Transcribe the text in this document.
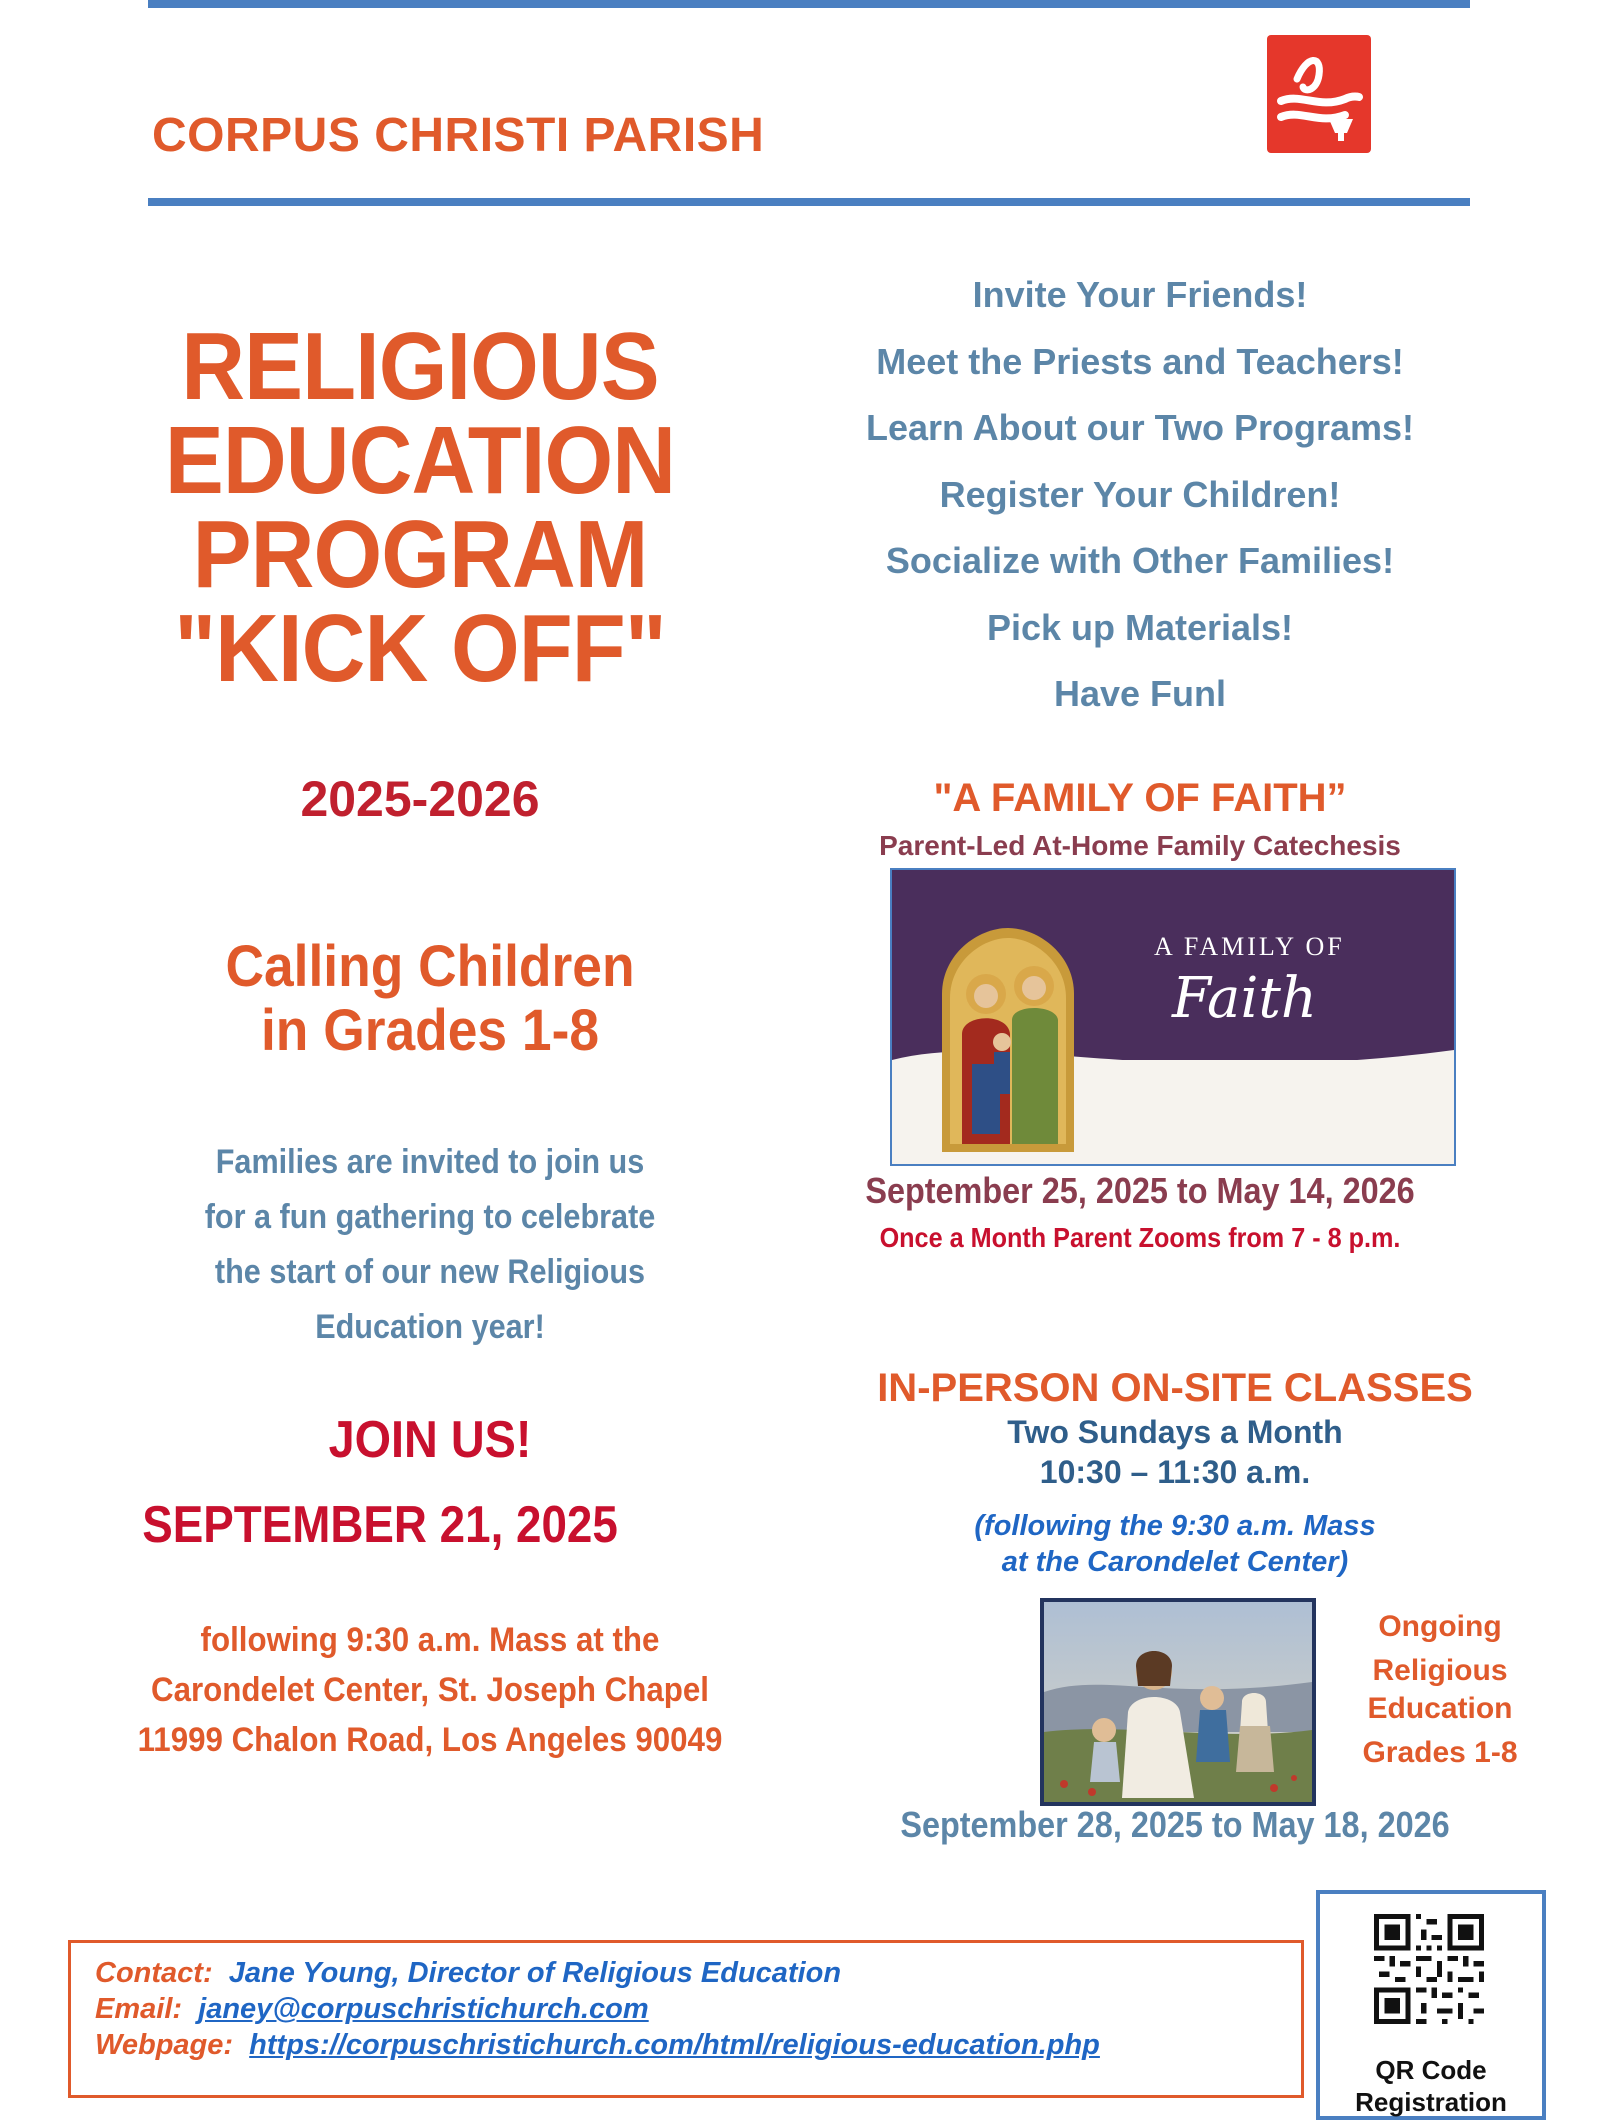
CORPUS CHRISTI PARISH
RELIGIOUS
EDUCATION
PROGRAM
"KICK OFF"
2025-2026
Calling Children
in Grades 1-8
Families are invited to join us
for a fun gathering to celebrate
the start of our new Religious
Education year!
JOIN US!
SEPTEMBER 21, 2025
following 9:30 a.m. Mass at the
Carondelet Center, St. Joseph Chapel
11999 Chalon Road, Los Angeles 90049
Invite Your Friends!
Meet the Priests and Teachers!
Learn About our Two Programs!
Register Your Children!
Socialize with Other Families!
Pick up Materials!
Have Funl
"A FAMILY OF FAITH”
Parent-Led At-Home Family Catechesis
A FAMILY OF
Faith
September 25, 2025 to May 14, 2026
Once a Month Parent Zooms from 7 - 8 p.m.
IN-PERSON ON-SITE CLASSES
Two Sundays a Month
10:30 – 11:30 a.m.
(following the 9:30 a.m. Mass
at the Carondelet Center)
Ongoing
Religious
Education
Grades 1-8
September 28, 2025 to May 18, 2026
Contact: Jane Young, Director of Religious Education
Email: janey@corpuschristichurch.com
Webpage: https://corpuschristichurch.com/html/religious-education.php
QR Code
Registration
